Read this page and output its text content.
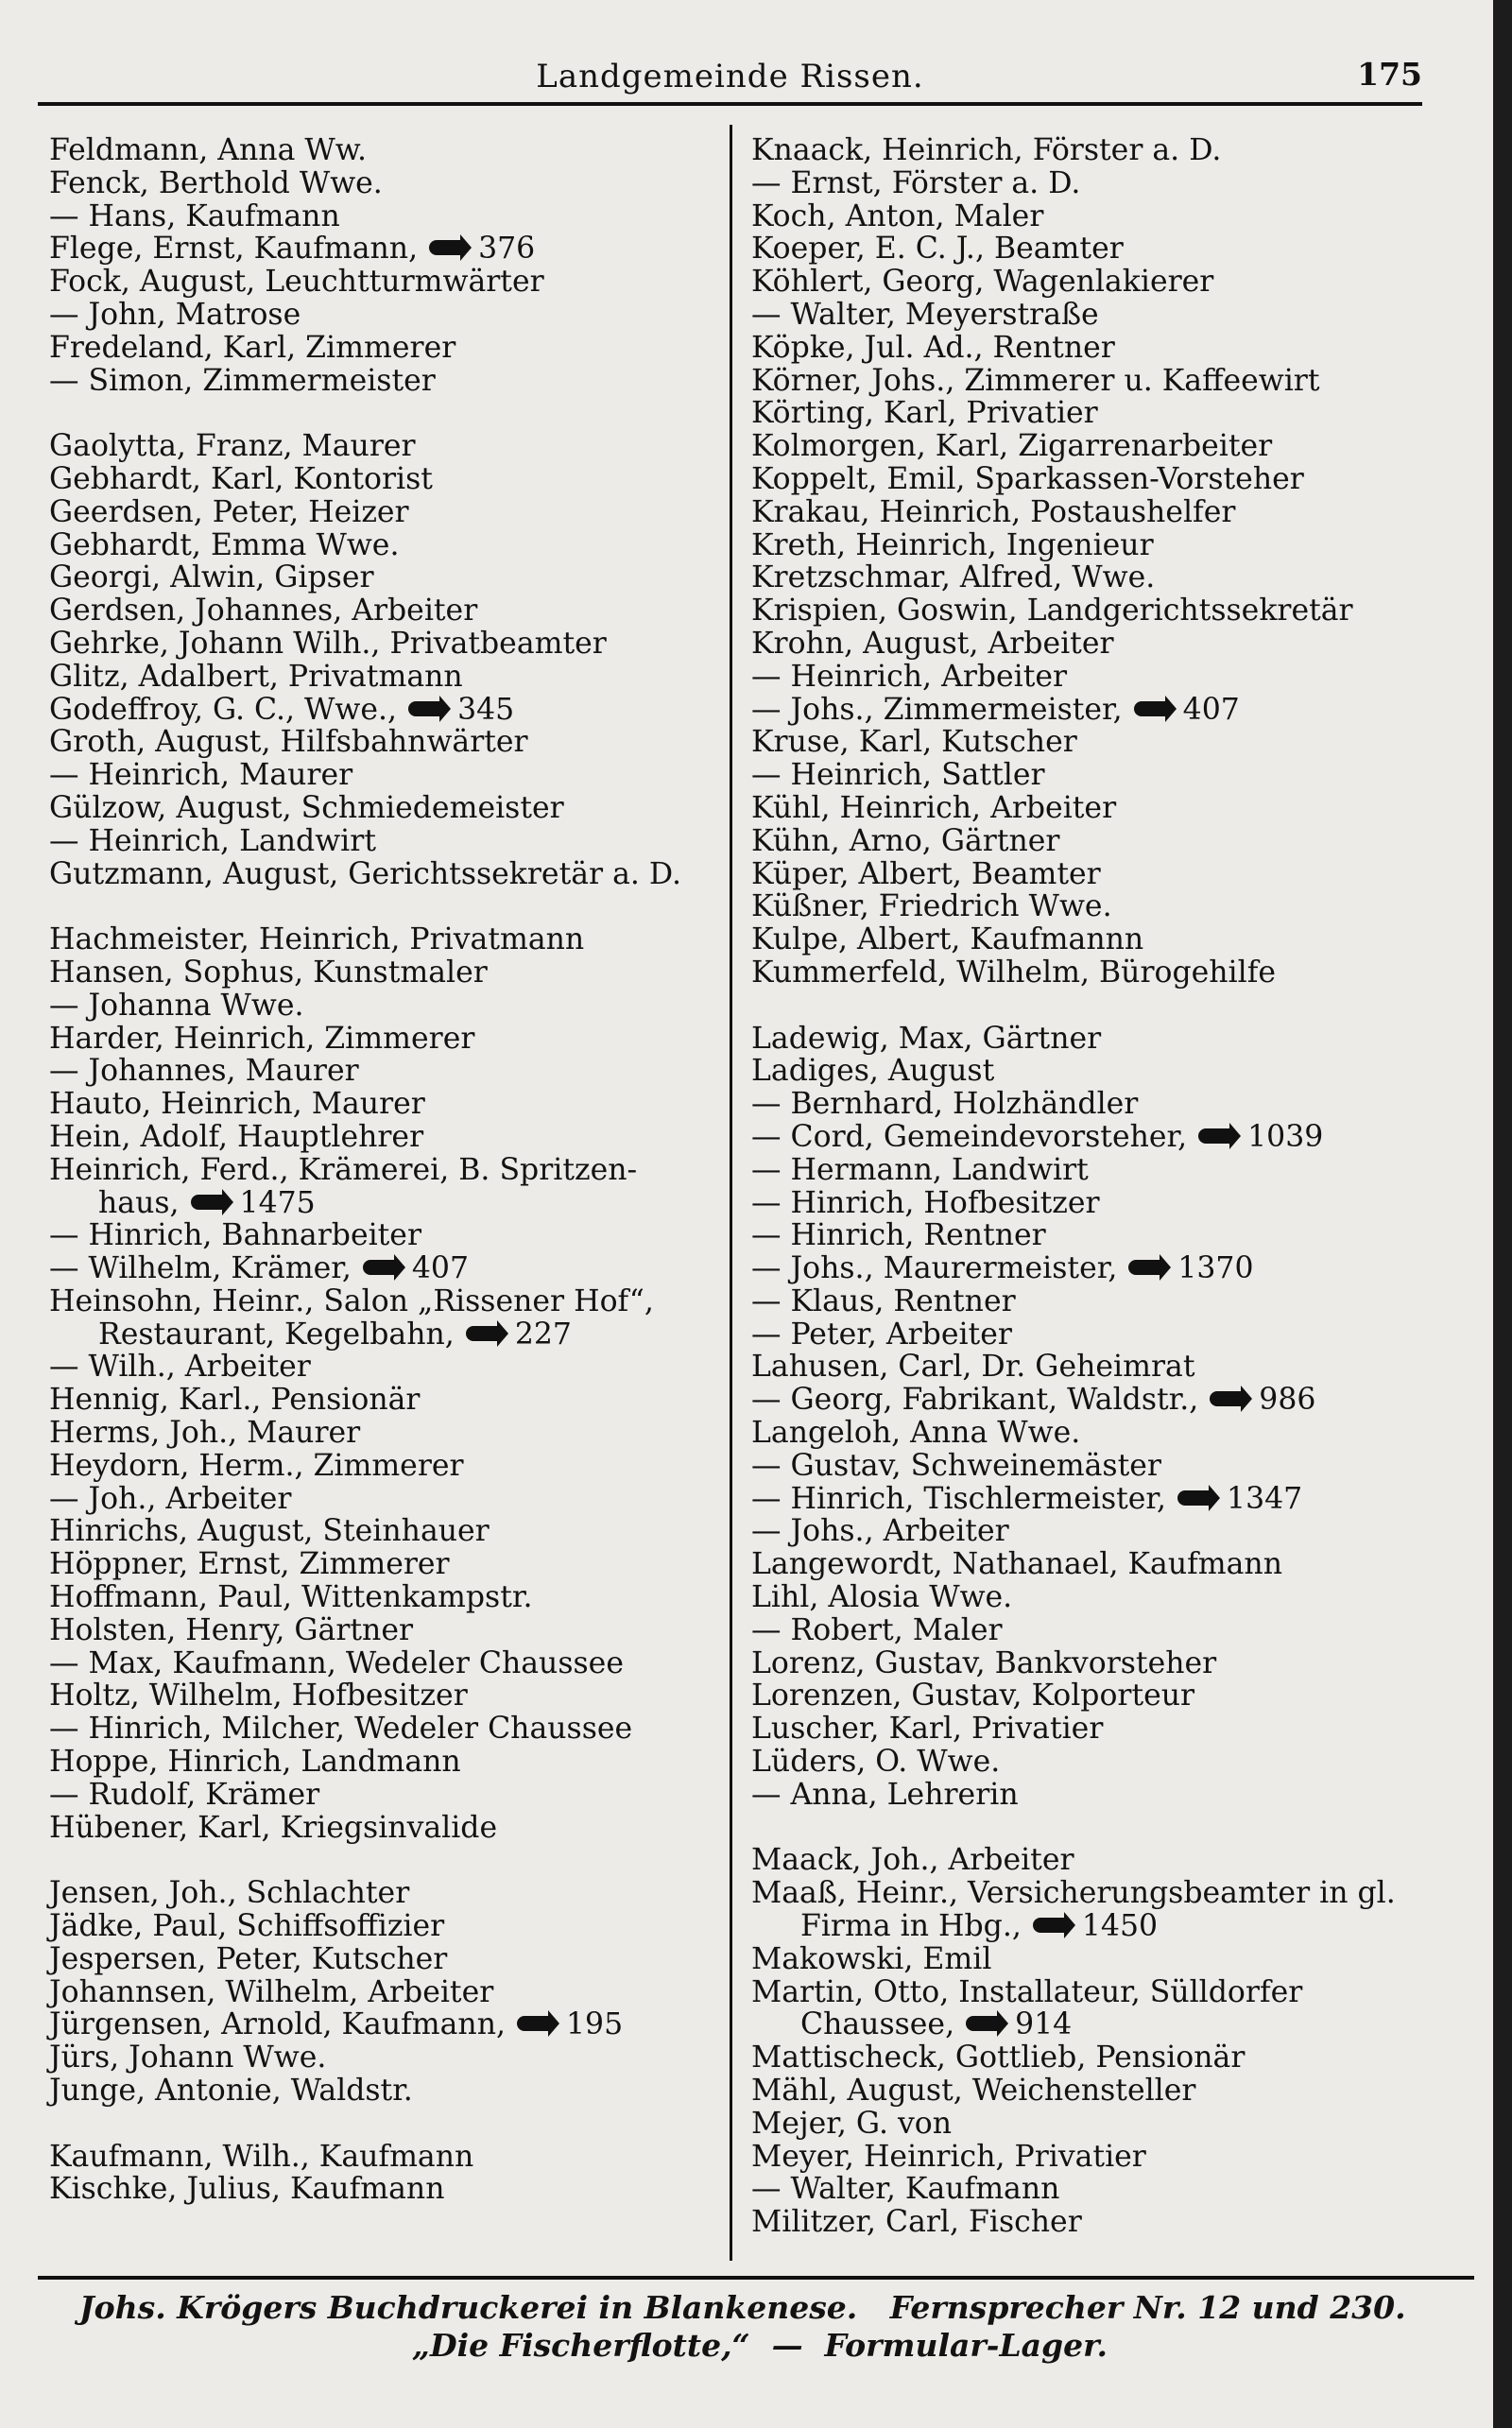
Landgemeinde Rissen.	175
Feldmann, Anna Ww.
Fenck, Berthold Wwe.
— Hans, Kaufmann
Flege, Ernst, Kaufmann, 376
Fock, August, Leuchtturmwärter
— John, Matrose
Fredeland, Karl, Zimmerer
— Simon, Zimmermeister
Gaolytta, Franz, Maurer
Gebhardt, Karl, Kontorist
Geerdsen, Peter, Heizer
Gebhardt, Emma Wwe.
Georgi, Alwin, Gipser
Gerdsen, Johannes, Arbeiter
Gehrke, Johann Wilh., Privatbeamter
Glitz, Adalbert, Privatmann
Godeffroy, G. C., Wwe., 345
Groth, August, Hilfsbahnwärter
— Heinrich, Maurer
Gülzow, August, Schmiedemeister
— Heinrich, Landwirt
Gutzmann, August, Gerichtssekretär a. D.
Hachmeister, Heinrich, Privatmann
Hansen, Sophus, Kunstmaler
— Johanna Wwe.
Harder, Heinrich, Zimmerer
— Johannes, Maurer
Hauto, Heinrich, Maurer
Hein, Adolf, Hauptlehrer
Heinrich, Ferd., Krämerei, B. Spritzen-
haus, 1475
— Hinrich, Bahnarbeiter
— Wilhelm, Krämer, 407
Heinsohn, Heinr., Salon „Rissener Hof“,
Restaurant, Kegelbahn, 227
— Wilh., Arbeiter
Hennig, Karl., Pensionär
Herms, Joh., Maurer
Heydorn, Herm., Zimmerer
— Joh., Arbeiter
Hinrichs, August, Steinhauer
Höppner, Ernst, Zimmerer
Hoffmann, Paul, Wittenkampstr.
Holsten, Henry, Gärtner
— Max, Kaufmann, Wedeler Chaussee
Holtz, Wilhelm, Hofbesitzer
— Hinrich, Milcher, Wedeler Chaussee
Hoppe, Hinrich, Landmann
— Rudolf, Krämer
Hübener, Karl, Kriegsinvalide
Jensen, Joh., Schlachter
Jädke, Paul, Schiffsoffizier
Jespersen, Peter, Kutscher
Johannsen, Wilhelm, Arbeiter
Jürgensen, Arnold, Kaufmann, 195
Jürs, Johann Wwe.
Junge, Antonie, Waldstr.
Kaufmann, Wilh., Kaufmann
Kischke, Julius, Kaufmann
Knaack, Heinrich, Förster a. D.
— Ernst, Förster a. D.
Koch, Anton, Maler
Koeper, E. C. J., Beamter
Köhlert, Georg, Wagenlakierer
— Walter, Meyerstraße
Köpke, Jul. Ad., Rentner
Körner, Johs., Zimmerer u. Kaffeewirt
Körting, Karl, Privatier
Kolmorgen, Karl, Zigarrenarbeiter
Koppelt, Emil, Sparkassen-Vorsteher
Krakau, Heinrich, Postaushelfer
Kreth, Heinrich, Ingenieur
Kretzschmar, Alfred, Wwe.
Krispien, Goswin, Landgerichtssekretär
Krohn, August, Arbeiter
— Heinrich, Arbeiter
— Johs., Zimmermeister, 407
Kruse, Karl, Kutscher
— Heinrich, Sattler
Kühl, Heinrich, Arbeiter
Kühn, Arno, Gärtner
Küper, Albert, Beamter
Küßner, Friedrich Wwe.
Kulpe, Albert, Kaufmannn
Kummerfeld, Wilhelm, Bürogehilfe
Ladewig, Max, Gärtner
Ladiges, August
— Bernhard, Holzhändler
— Cord, Gemeindevorsteher, 1039
— Hermann, Landwirt
— Hinrich, Hofbesitzer
— Hinrich, Rentner
— Johs., Maurermeister, 1370
— Klaus, Rentner
— Peter, Arbeiter
Lahusen, Carl, Dr. Geheimrat
— Georg, Fabrikant, Waldstr., 986
Langeloh, Anna Wwe.
— Gustav, Schweinemäster
— Hinrich, Tischlermeister, 1347
— Johs., Arbeiter
Langewordt, Nathanael, Kaufmann
Lihl, Alosia Wwe.
— Robert, Maler
Lorenz, Gustav, Bankvorsteher
Lorenzen, Gustav, Kolporteur
Luscher, Karl, Privatier
Lüders, O. Wwe.
— Anna, Lehrerin
Maack, Joh., Arbeiter
Maaß, Heinr., Versicherungsbeamter in gl.
Firma in Hbg., 1450
Makowski, Emil
Martin, Otto, Installateur, Sülldorfer
Chaussee, 914
Mattischeck, Gottlieb, Pensionär
Mähl, August, Weichensteller
Mejer, G. von
Meyer, Heinrich, Privatier
— Walter, Kaufmann
Militzer, Carl, Fischer
Johs. Krögers Buchdruckerei in Blankenese.   Fernsprecher Nr. 12 und 230.
„Die Fischerflotte,“  —  Formular-Lager.
